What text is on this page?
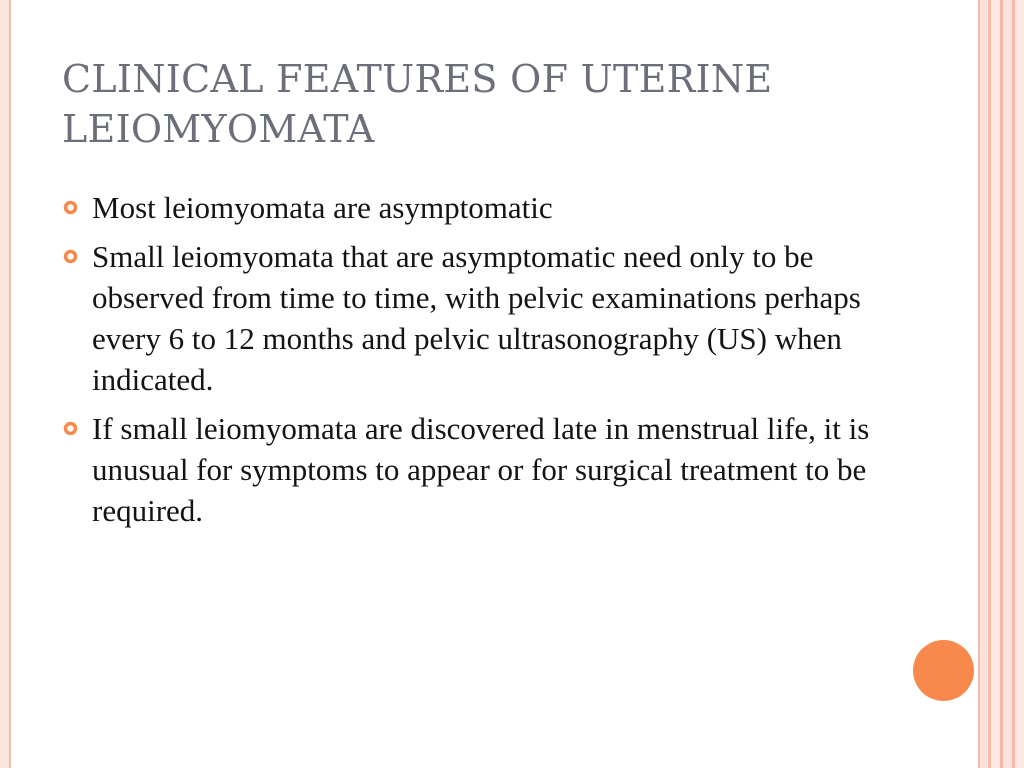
CLINICAL FEATURES OF UTERINE LEIOMYOMATA
Most leiomyomata are asymptomatic
Small leiomyomata that are asymptomatic need only to be observed from time to time, with pelvic examinations perhaps every 6 to 12 months and pelvic ultrasonography (US) when indicated.
If small leiomyomata are discovered late in menstrual life, it is unusual for symptoms to appear or for surgical treatment to be required.
